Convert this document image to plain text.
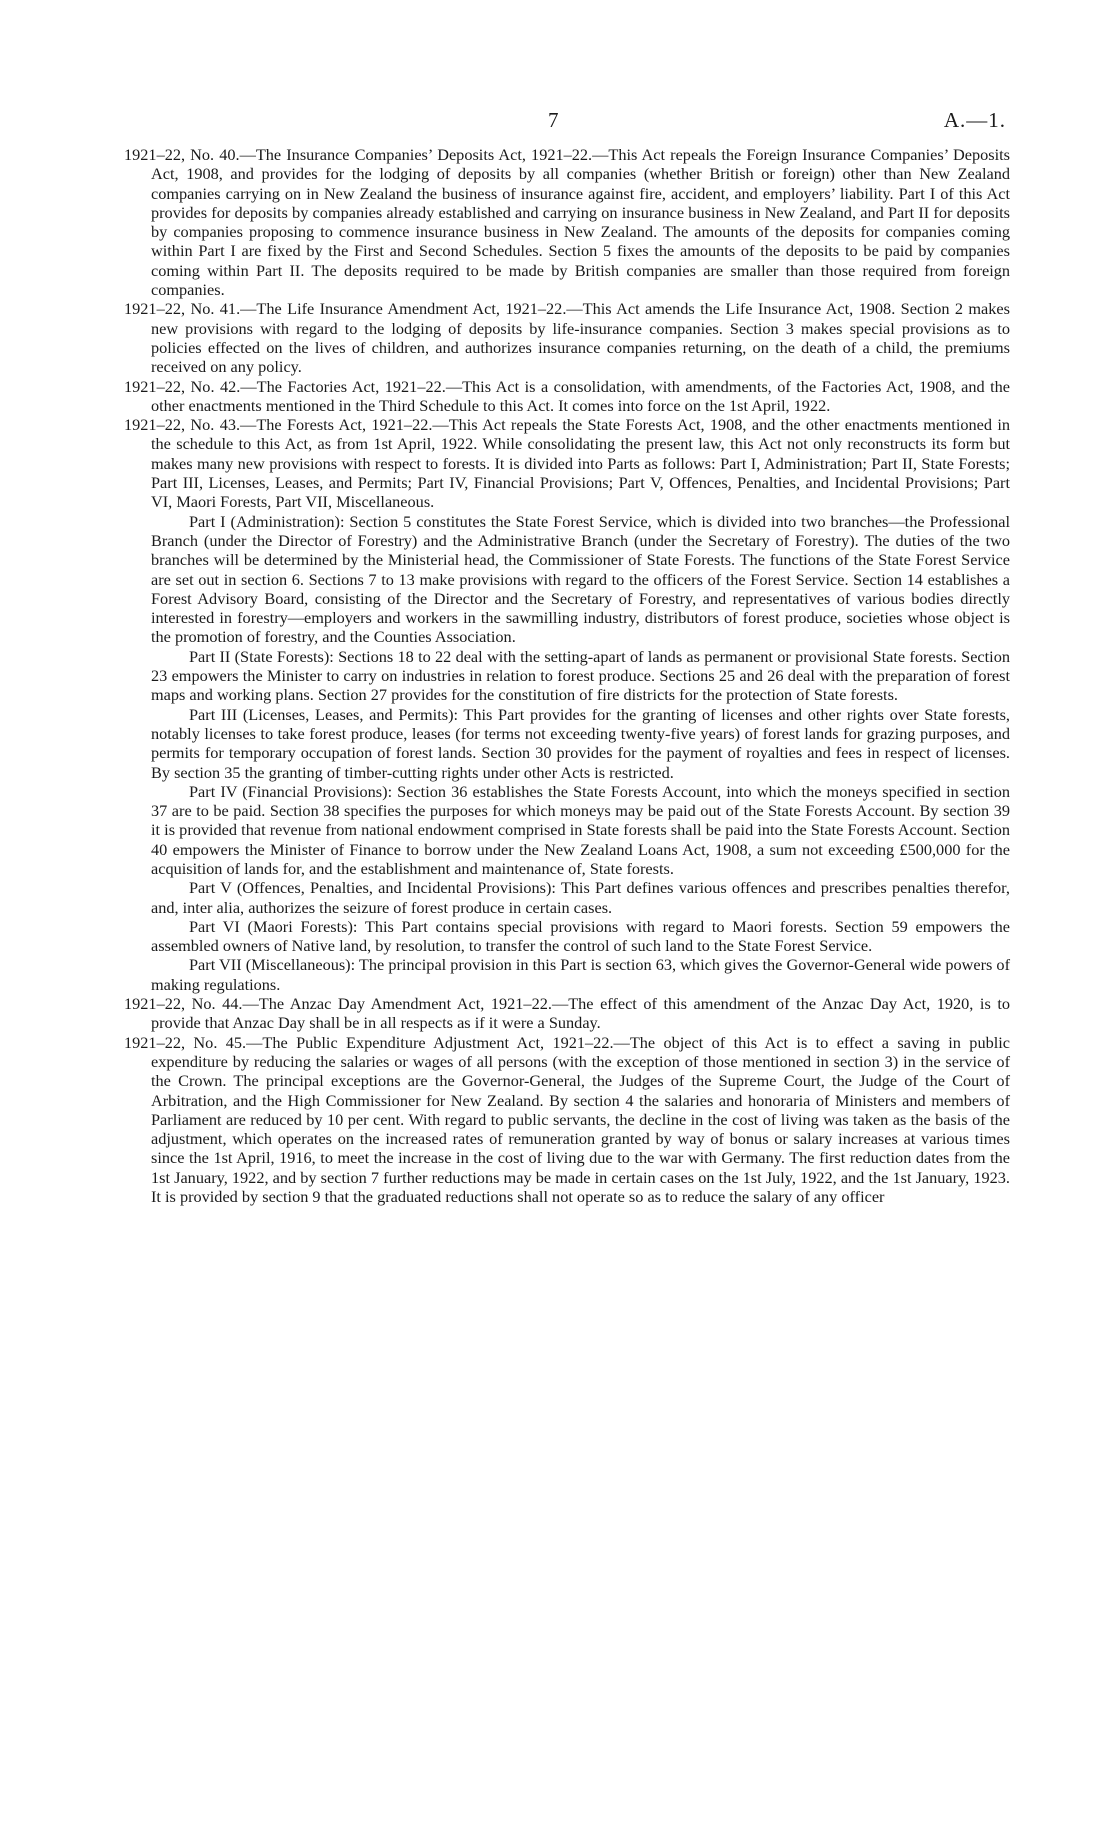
7	A.—1.

1921–22, No. 40.—The Insurance Companies’ Deposits Act, 1921–22.—This Act repeals the Foreign Insurance Companies’ Deposits Act, 1908, and provides for the lodging of deposits by all companies (whether British or foreign) other than New Zealand companies carrying on in New Zealand the business of insurance against fire, accident, and employers’ liability. Part I of this Act provides for deposits by companies already established and carrying on insurance business in New Zealand, and Part II for deposits by companies proposing to commence insurance business in New Zealand. The amounts of the deposits for companies coming within Part I are fixed by the First and Second Schedules. Section 5 fixes the amounts of the deposits to be paid by companies coming within Part II. The deposits required to be made by British companies are smaller than those required from foreign companies.

1921–22, No. 41.—The Life Insurance Amendment Act, 1921–22.—This Act amends the Life Insurance Act, 1908. Section 2 makes new provisions with regard to the lodging of deposits by life-insurance companies. Section 3 makes special provisions as to policies effected on the lives of children, and authorizes insurance companies returning, on the death of a child, the premiums received on any policy.

1921–22, No. 42.—The Factories Act, 1921–22.—This Act is a consolidation, with amendments, of the Factories Act, 1908, and the other enactments mentioned in the Third Schedule to this Act. It comes into force on the 1st April, 1922.

1921–22, No. 43.—The Forests Act, 1921–22.—This Act repeals the State Forests Act, 1908, and the other enactments mentioned in the schedule to this Act, as from 1st April, 1922. While consolidating the present law, this Act not only reconstructs its form but makes many new provisions with respect to forests. It is divided into Parts as follows: Part I, Administration; Part II, State Forests; Part III, Licenses, Leases, and Permits; Part IV, Financial Provisions; Part V, Offences, Penalties, and Incidental Provisions; Part VI, Maori Forests, Part VII, Miscellaneous.

Part I (Administration): Section 5 constitutes the State Forest Service, which is divided into two branches—the Professional Branch (under the Director of Forestry) and the Administrative Branch (under the Secretary of Forestry). The duties of the two branches will be determined by the Ministerial head, the Commissioner of State Forests. The functions of the State Forest Service are set out in section 6. Sections 7 to 13 make provisions with regard to the officers of the Forest Service. Section 14 establishes a Forest Advisory Board, consisting of the Director and the Secretary of Forestry, and representatives of various bodies directly interested in forestry—employers and workers in the sawmilling industry, distributors of forest produce, societies whose object is the promotion of forestry, and the Counties Association.

Part II (State Forests): Sections 18 to 22 deal with the setting-apart of lands as permanent or provisional State forests. Section 23 empowers the Minister to carry on industries in relation to forest produce. Sections 25 and 26 deal with the preparation of forest maps and working plans. Section 27 provides for the constitution of fire districts for the protection of State forests.

Part III (Licenses, Leases, and Permits): This Part provides for the granting of licenses and other rights over State forests, notably licenses to take forest produce, leases (for terms not exceeding twenty-five years) of forest lands for grazing purposes, and permits for temporary occupation of forest lands. Section 30 provides for the payment of royalties and fees in respect of licenses. By section 35 the granting of timber-cutting rights under other Acts is restricted.

Part IV (Financial Provisions): Section 36 establishes the State Forests Account, into which the moneys specified in section 37 are to be paid. Section 38 specifies the purposes for which moneys may be paid out of the State Forests Account. By section 39 it is provided that revenue from national endowment comprised in State forests shall be paid into the State Forests Account. Section 40 empowers the Minister of Finance to borrow under the New Zealand Loans Act, 1908, a sum not exceeding £500,000 for the acquisition of lands for, and the establishment and maintenance of, State forests.

Part V (Offences, Penalties, and Incidental Provisions): This Part defines various offences and prescribes penalties therefor, and, inter alia, authorizes the seizure of forest produce in certain cases.

Part VI (Maori Forests): This Part contains special provisions with regard to Maori forests. Section 59 empowers the assembled owners of Native land, by resolution, to transfer the control of such land to the State Forest Service.

Part VII (Miscellaneous): The principal provision in this Part is section 63, which gives the Governor-General wide powers of making regulations.

1921–22, No. 44.—The Anzac Day Amendment Act, 1921–22.—The effect of this amendment of the Anzac Day Act, 1920, is to provide that Anzac Day shall be in all respects as if it were a Sunday.

1921–22, No. 45.—The Public Expenditure Adjustment Act, 1921–22.—The object of this Act is to effect a saving in public expenditure by reducing the salaries or wages of all persons (with the exception of those mentioned in section 3) in the service of the Crown. The principal exceptions are the Governor-General, the Judges of the Supreme Court, the Judge of the Court of Arbitration, and the High Commissioner for New Zealand. By section 4 the salaries and honoraria of Ministers and members of Parliament are reduced by 10 per cent. With regard to public servants, the decline in the cost of living was taken as the basis of the adjustment, which operates on the increased rates of remuneration granted by way of bonus or salary increases at various times since the 1st April, 1916, to meet the increase in the cost of living due to the war with Germany. The first reduction dates from the 1st January, 1922, and by section 7 further reductions may be made in certain cases on the 1st July, 1922, and the 1st January, 1923. It is provided by section 9 that the graduated reductions shall not operate so as to reduce the salary of any officer
